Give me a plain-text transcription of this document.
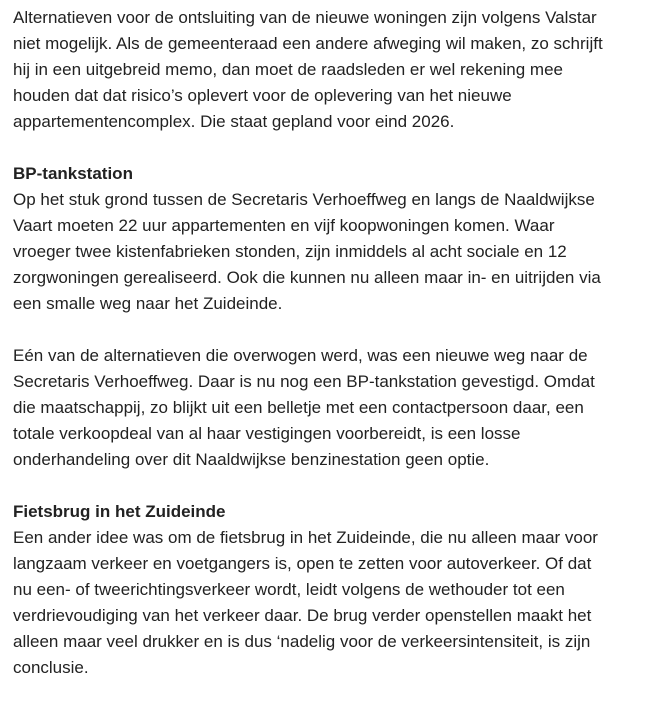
Alternatieven voor de ontsluiting van de nieuwe woningen zijn volgens Valstar
niet mogelijk. Als de gemeenteraad een andere afweging wil maken, zo schrijft
hij in een uitgebreid memo, dan moet de raadsleden er wel rekening mee
houden dat dat risico’s oplevert voor de oplevering van het nieuwe
appartementencomplex. Die staat gepland voor eind 2026.

BP-tankstation

Op het stuk grond tussen de Secretaris Verhoeffweg en langs de Naaldwijkse
Vaart moeten 22 uur appartementen en vijf koopwoningen komen. Waar
vroeger twee kistenfabrieken stonden, zijn inmiddels al acht sociale en 12
zorgwoningen gerealiseerd. Ook die kunnen nu alleen maar in- en uitrijden via
een smalle weg naar het Zuideinde.

Eén van de alternatieven die overwogen werd, was een nieuwe weg naar de
Secretaris Verhoeffweg. Daar is nu nog een BP-tankstation gevestigd. Omdat
die maatschappij, zo blijkt uit een belletje met een contactpersoon daar, een
totale verkoopdeal van al haar vestigingen voorbereidt, is een losse
onderhandeling over dit Naaldwijkse benzinestation geen optie.

Fietsbrug in het Zuideinde

Een ander idee was om de fietsbrug in het Zuideinde, die nu alleen maar voor
langzaam verkeer en voetgangers is, open te zetten voor autoverkeer. Of dat
nu een- of tweerichtingsverkeer wordt, leidt volgens de wethouder tot een
verdrievoudiging van het verkeer daar. De brug verder openstellen maakt het
alleen maar veel drukker en is dus ‘nadelig voor de verkeersintensiteit, is zijn
conclusie.
